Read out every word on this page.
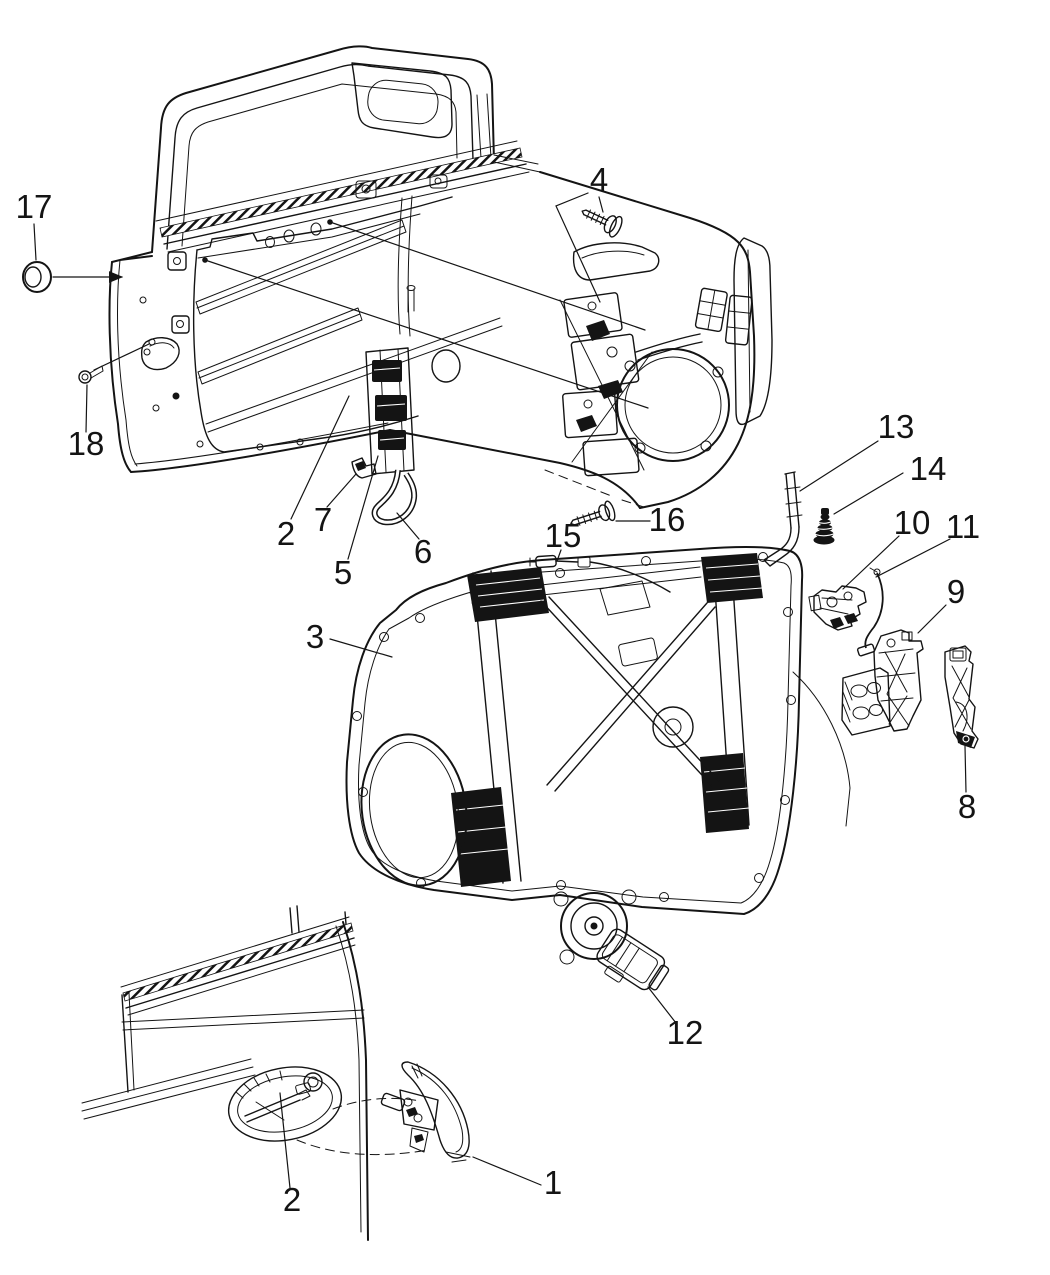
17
18
4
2 7
5
6
3
15 16
13
14
10 11
9
8
12
1
2
